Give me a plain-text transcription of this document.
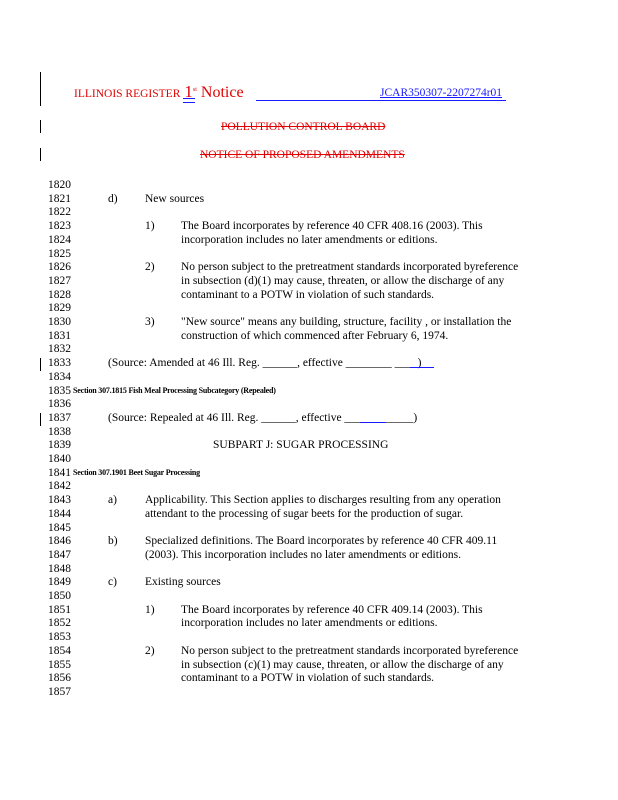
ILLINOIS REGISTER 1st Notice	JCAR350307-2207274r01
POLLUTION CONTROL BOARD
NOTICE OF PROPOSED AMENDMENTS
1820
1821	d) New sources
1822
1823	1) The Board incorporates by reference 40 CFR 408.16 (2003). This
1824	incorporation includes no later amendments or editions.
1825
1826	2) No person subject to the pretreatment standards incorporated byreference
1827	in subsection (d)(1) may cause, threaten, or allow the discharge of any
1828	contaminant to a POTW in violation of such standards.
1829
1830	3) "New source" means any building, structure, facility , or installation the
1831	construction of which commenced after February 6, 1974.
1832
1833	(Source: Amended at 46 Ill. Reg. ______, effective ________ ____)
1834
1835 Section 307.1815 Fish Meal Processing Subcategory (Repealed)
1836
1837	(Source: Repealed at 46 Ill. Reg. ______, effective ____________)
1838
1839	SUBPART J: SUGAR PROCESSING
1840
1841 Section 307.1901 Beet Sugar Processing
1842
1843	a) Applicability. This Section applies to discharges resulting from any operation
1844	attendant to the processing of sugar beets for the production of sugar.
1845
1846	b) Specialized definitions. The Board incorporates by reference 40 CFR 409.11
1847	(2003). This incorporation includes no later amendments or editions.
1848
1849	c) Existing sources
1850
1851	1) The Board incorporates by reference 40 CFR 409.14 (2003). This
1852	incorporation includes no later amendments or editions.
1853
1854	2) No person subject to the pretreatment standards incorporated byreference
1855	in subsection (c)(1) may cause, threaten, or allow the discharge of any
1856	contaminant to a POTW in violation of such standards.
1857
